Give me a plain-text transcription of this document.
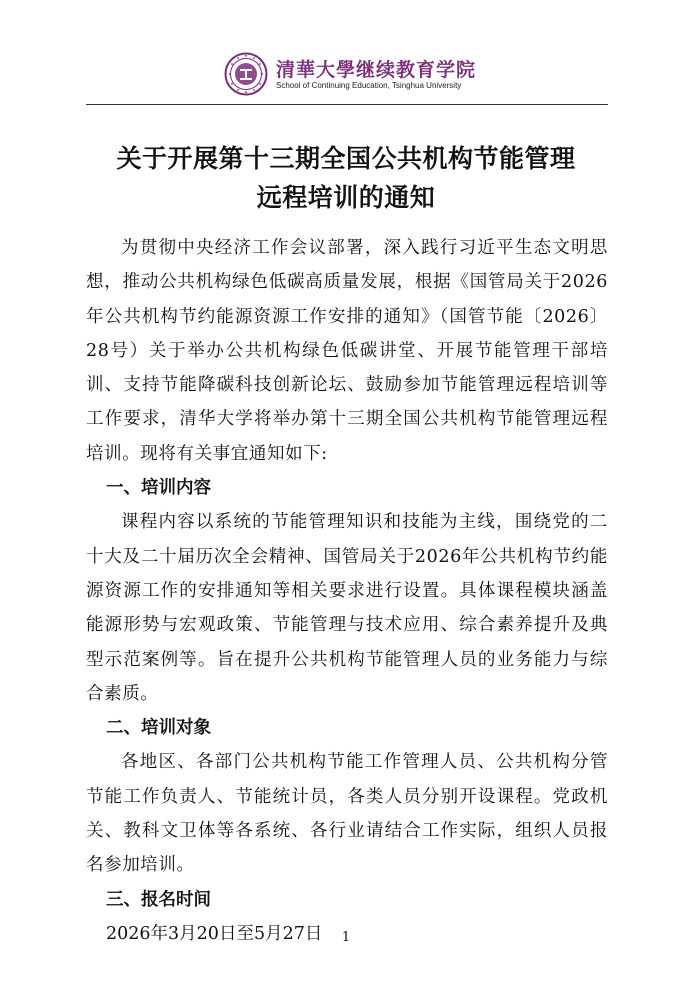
清華大學继续教育学院
School of Continuing Education, Tsinghua University
关于开展第十三期全国公共机构节能管理
远程培训的通知

为贯彻中央经济工作会议部署，深入践行习近平生态文明思想，推动公共机构绿色低碳高质量发展，根据《国管局关于2026年公共机构节约能源资源工作安排的通知》（国管节能〔2026〕28号）关于举办公共机构绿色低碳讲堂、开展节能管理干部培训、支持节能降碳科技创新论坛、鼓励参加节能管理远程培训等工作要求，清华大学将举办第十三期全国公共机构节能管理远程培训。现将有关事宜通知如下:

一、培训内容

课程内容以系统的节能管理知识和技能为主线，围绕党的二十大及二十届历次全会精神、国管局关于2026年公共机构节约能源资源工作的安排通知等相关要求进行设置。具体课程模块涵盖能源形势与宏观政策、节能管理与技术应用、综合素养提升及典型示范案例等。旨在提升公共机构节能管理人员的业务能力与综合素质。

二、培训对象

各地区、各部门公共机构节能工作管理人员、公共机构分管节能工作负责人、节能统计员，各类人员分别开设课程。党政机关、教科文卫体等各系统、各行业请结合工作实际，组织人员报名参加培训。

三、报名时间

2026年3月20日至5月27日	1
